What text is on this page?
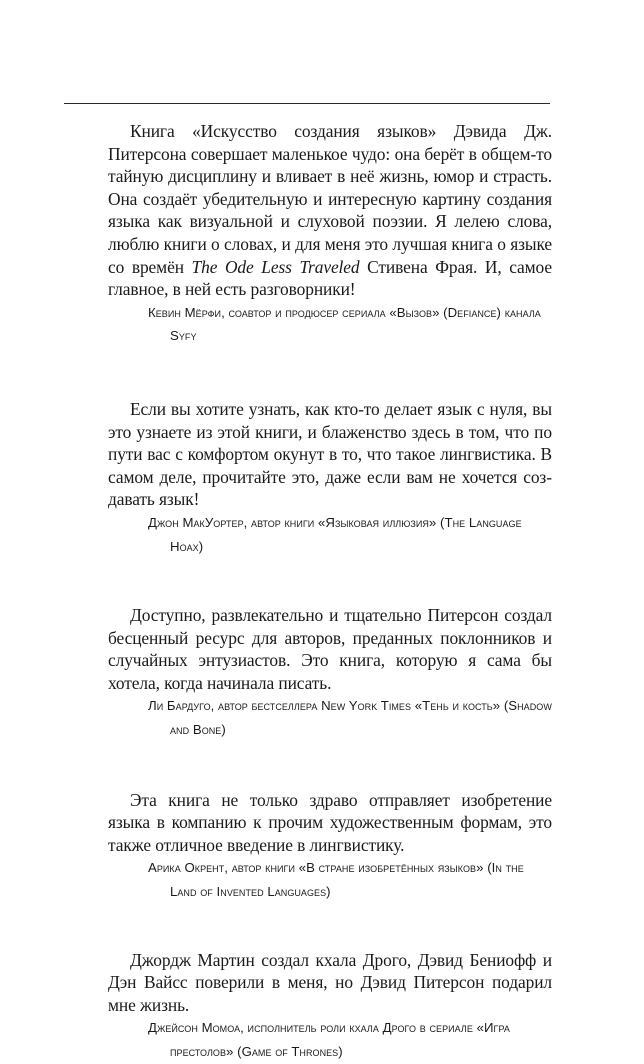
Книга «Искусство создания языков» Дэвида Дж. Питерсона совершает маленькое чудо: она берёт в общем-то тайную дисциплину и вливает в неё жизнь, юмор и страсть. Она создаёт убедительную и интересную картину создания языка как визуальной и слуховой поэзии. Я лелею слова, люблю книги о словах, и для меня это лучшая книга о языке со времён The Ode Less Traveled Стивена Фрая. И, самое главное, в ней есть разговорники!

Кевин Мёрфи, соавтор и продюсер сериала «Вызов» (Defiance) канала Syfy

Если вы хотите узнать, как кто-то делает язык с нуля, вы это узнаете из этой книги, и блаженство здесь в том, что по пути вас с комфортом окунут в то, что такое лингвистика. В самом деле, прочитайте это, даже если вам не хочется создавать язык!

Джон МакУортер, автор книги «Языковая иллюзия» (The Language Hoax)

Доступно, развлекательно и тщательно Питерсон создал бесценный ресурс для авторов, преданных поклонников и случайных энтузиастов. Это книга, которую я сама бы хотела, когда начинала писать.

Ли Бардуго, автор бестселлера New York Times «Тень и кость» (Shadow and Bone)

Эта книга не только здраво отправляет изобретение языка в компанию к прочим художественным формам, это также отличное введение в лингвистику.

Арика Окрент, автор книги «В стране изобретённых языков» (In the Land of Invented Languages)

Джордж Мартин создал кхала Дрого, Дэвид Бениофф и Дэн Вайсс поверили в меня, но Дэвид Питерсон подарил мне жизнь.

Джейсон Момоа, исполнитель роли кхала Дрого в сериале «Игра престолов» (Game of Thrones)
